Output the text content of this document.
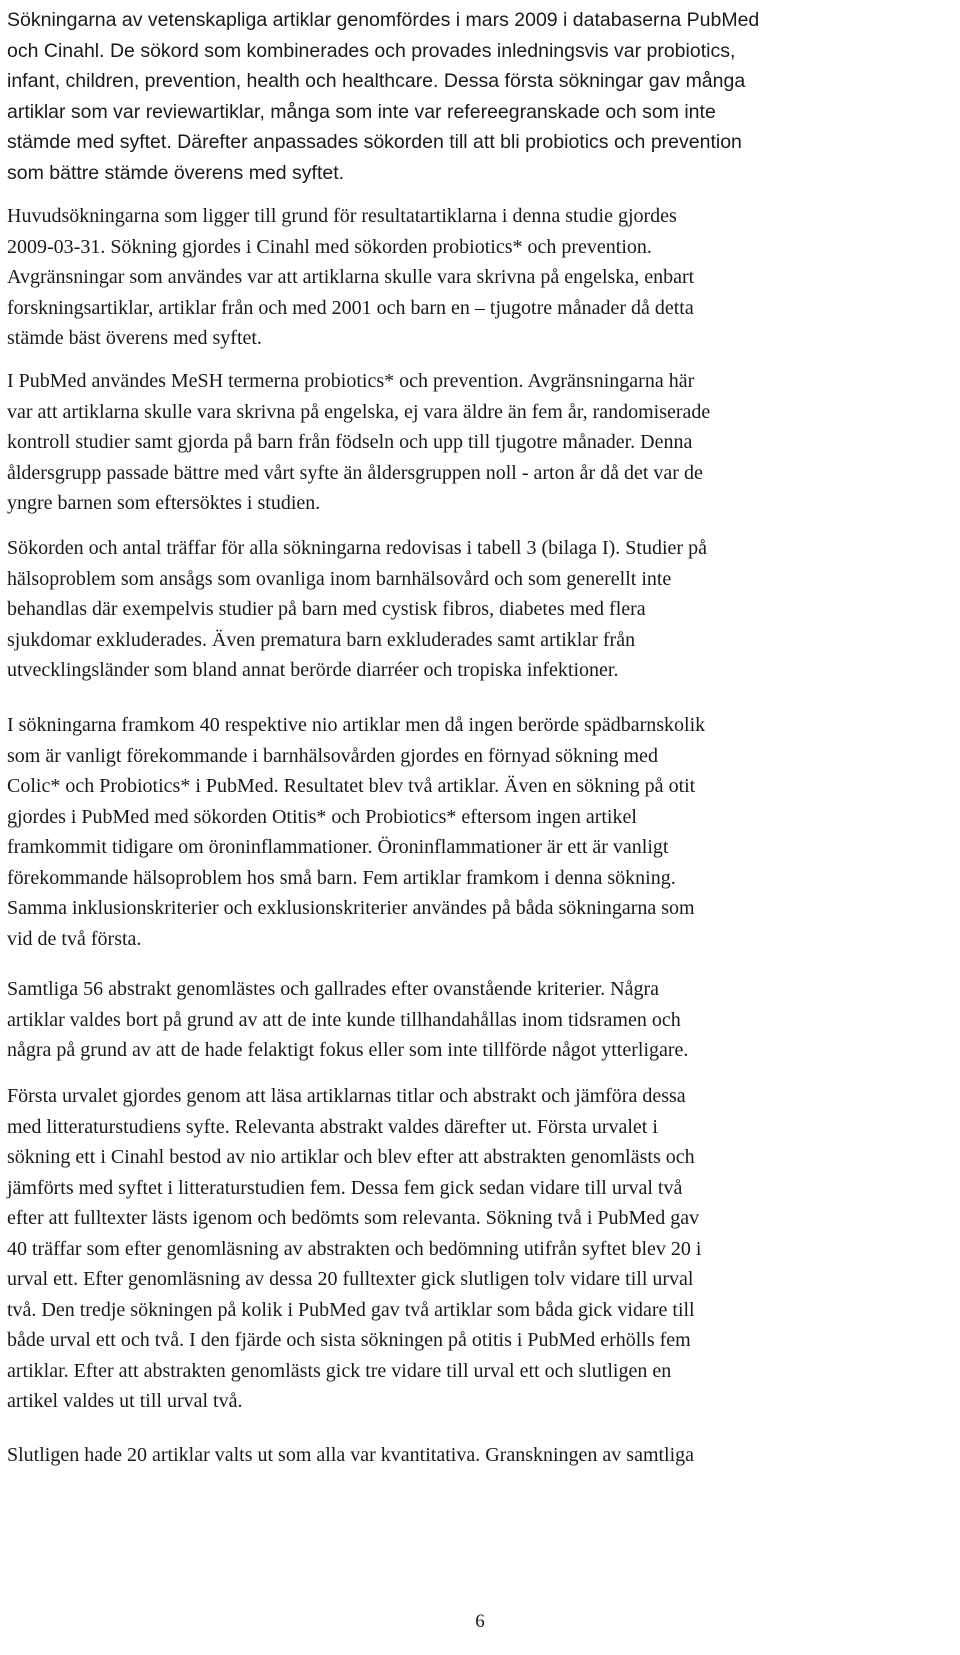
Sökningarna av vetenskapliga artiklar genomfördes i mars 2009 i databaserna PubMed
och Cinahl. De sökord som kombinerades och provades inledningsvis var probiotics,
infant, children, prevention, health och healthcare. Dessa första sökningar gav många
artiklar som var reviewartiklar, många som inte var refereegranskade och som inte
stämde med syftet. Därefter anpassades sökorden till att bli probiotics och prevention
som bättre stämde överens med syftet.
Huvudsökningarna som ligger till grund för resultatartiklarna i denna studie gjordes
2009-03-31. Sökning gjordes i Cinahl med sökorden probiotics* och prevention.
Avgränsningar som användes var att artiklarna skulle vara skrivna på engelska, enbart
forskningsartiklar, artiklar från och med 2001 och barn en – tjugotre månader då detta
stämde bäst överens med syftet.
I PubMed användes MeSH termerna probiotics* och prevention. Avgränsningarna här
var att artiklarna skulle vara skrivna på engelska, ej vara äldre än fem år, randomiserade
kontroll studier samt gjorda på barn från födseln och upp till tjugotre månader. Denna
åldersgrupp passade bättre med vårt syfte än åldersgruppen noll - arton år då det var de
yngre barnen som eftersöktes i studien.
Sökorden och antal träffar för alla sökningarna redovisas i tabell 3 (bilaga I). Studier på
hälsoproblem som ansågs som ovanliga inom barnhälsovård och som generellt inte
behandlas där exempelvis studier på barn med cystisk fibros, diabetes med flera
sjukdomar exkluderades. Även prematura barn exkluderades samt artiklar från
utvecklingsländer som bland annat berörde diarréer och tropiska infektioner.
I sökningarna framkom 40 respektive nio artiklar men då ingen berörde spädbarnskolik
som är vanligt förekommande i barnhälsovården gjordes en förnyad sökning med
Colic* och Probiotics* i PubMed. Resultatet blev två artiklar. Även en sökning på otit
gjordes i PubMed med sökorden Otitis* och Probiotics* eftersom ingen artikel
framkommit tidigare om öroninflammationer. Öroninflammationer är ett är vanligt
förekommande hälsoproblem hos små barn. Fem artiklar framkom i denna sökning.
Samma inklusionskriterier och exklusionskriterier användes på båda sökningarna som
vid de två första.
Samtliga 56 abstrakt genomlästes och gallrades efter ovanstående kriterier. Några
artiklar valdes bort på grund av att de inte kunde tillhandahållas inom tidsramen och
några på grund av att de hade felaktigt fokus eller som inte tillförde något ytterligare.
Första urvalet gjordes genom att läsa artiklarnas titlar och abstrakt och jämföra dessa
med litteraturstudiens syfte. Relevanta abstrakt valdes därefter ut. Första urvalet i
sökning ett i Cinahl bestod av nio artiklar och blev efter att abstrakten genomlästs och
jämförts med syftet i litteraturstudien fem. Dessa fem gick sedan vidare till urval två
efter att fulltexter lästs igenom och bedömts som relevanta. Sökning två i PubMed gav
40 träffar som efter genomläsning av abstrakten och bedömning utifrån syftet blev 20 i
urval ett. Efter genomläsning av dessa 20 fulltexter gick slutligen tolv vidare till urval
två. Den tredje sökningen på kolik i PubMed gav två artiklar som båda gick vidare till
både urval ett och två. I den fjärde och sista sökningen på otitis i PubMed erhölls fem
artiklar. Efter att abstrakten genomlästs gick tre vidare till urval ett och slutligen en
artikel valdes ut till urval två.
Slutligen hade 20 artiklar valts ut som alla var kvantitativa. Granskningen av samtliga
6
